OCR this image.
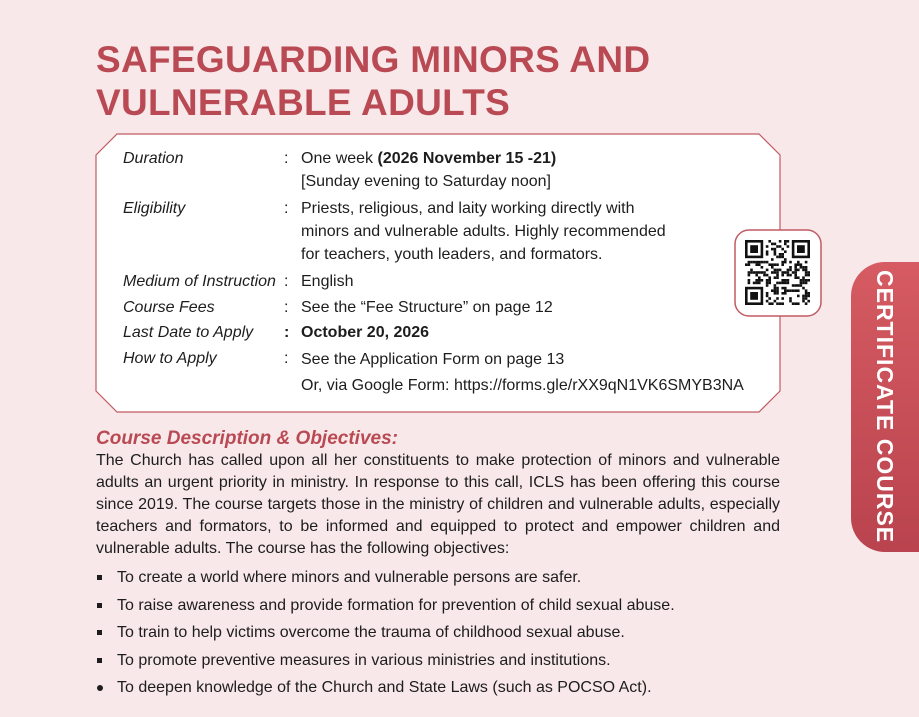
SAFEGUARDING MINORS AND
VULNERABLE ADULTS
Duration	: One week (2026 November 15 -21)
[Sunday evening to Saturday noon]
Eligibility	: Priests, religious, and laity working directly with
minors and vulnerable adults. Highly recommended
for teachers, youth leaders, and formators.
Medium of Instruction : English
Course Fees	: See the “Fee Structure” on page 12
Last Date to Apply : October 20, 2026
How to Apply	: See the Application Form on page 13
Or, via Google Form: https://forms.gle/rXX9qN1VK6SMYB3NA	CERTIFICATE COURSE
Course Description & Objectives:

The Church has called upon all her constituents to make protection of minors and vulnerable adults an urgent priority in ministry. In response to this call, ICLS has been offering this course since 2019. The course targets those in the ministry of children and vulnerable adults, especially teachers and formators, to be informed and equipped to protect and empower children and vulnerable adults. The course has the following objectives:

To create a world where minors and vulnerable persons are safer.
To raise awareness and provide formation for prevention of child sexual abuse.
To train to help victims overcome the trauma of childhood sexual abuse.
To promote preventive measures in various ministries and institutions.
To deepen knowledge of the Church and State Laws (such as POCSO Act).
